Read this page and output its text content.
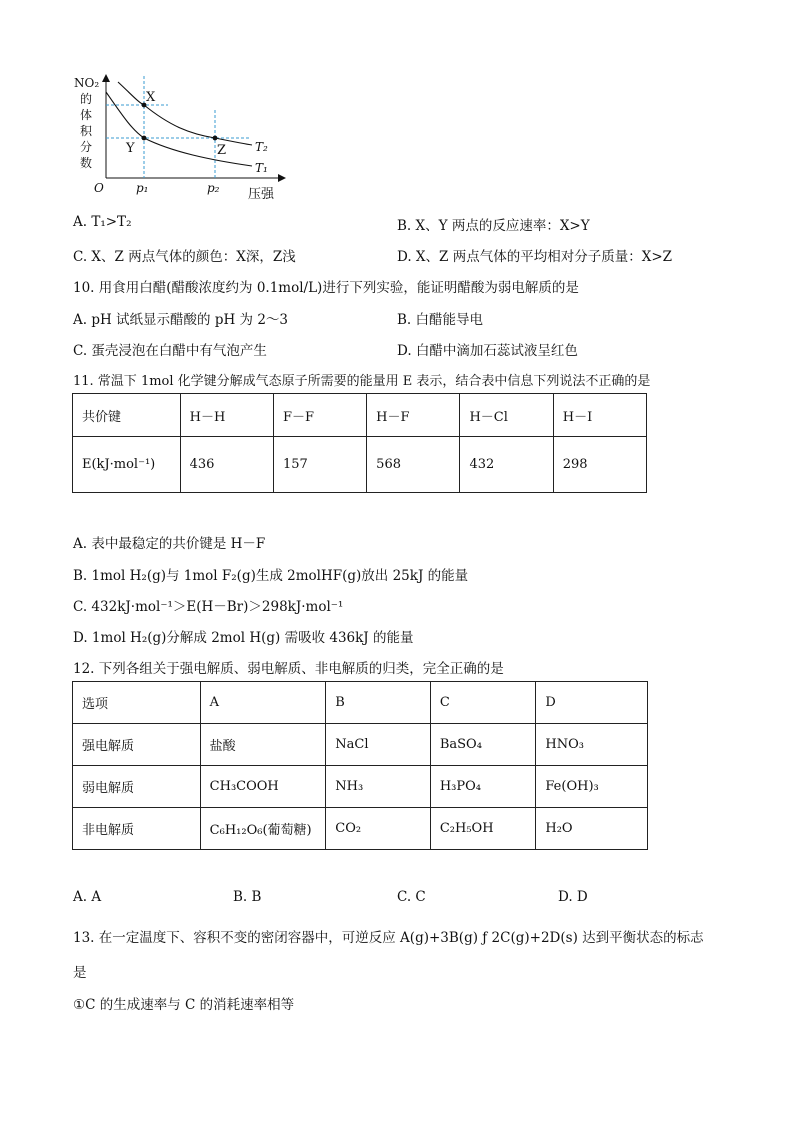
X
Y	Z T₂
T₁
NO₂
的
体
积
分
数
O	p₁	p₂ 压强
A. T₁>T₂	B. X、Y 两点的反应速率：X>Y
C. X、Z 两点气体的颜色：X深，Z浅	D. X、Z 两点气体的平均相对分子质量：X>Z
10. 用食用白醋(醋酸浓度约为 0.1mol/L)进行下列实验，能证明醋酸为弱电解质的是
A. pH 试纸显示醋酸的 pH 为 2～3	B. 白醋能导电
C. 蛋壳浸泡在白醋中有气泡产生	D. 白醋中滴加石蕊试液呈红色
11. 常温下 1mol 化学键分解成气态原子所需要的能量用 E 表示，结合表中信息下列说法不正确的是
共价键	H－H	F－F	H－F	H－Cl	H－I
E(kJ·mol⁻¹)	436	157	568	432	298
A. 表中最稳定的共价键是 H－F
B. 1mol H₂(g)与 1mol F₂(g)生成 2molHF(g)放出 25kJ 的能量
C. 432kJ·mol⁻¹＞E(H－Br)＞298kJ·mol⁻¹
D. 1mol H₂(g)分解成 2mol H(g) 需吸收 436kJ 的能量
12. 下列各组关于强电解质、弱电解质、非电解质的归类，完全正确的是
选项	A	B	C	D
强电解质	盐酸	NaCl	BaSO₄	HNO₃
弱电解质	CH₃COOH	NH₃	H₃PO₄	Fe(OH)₃
非电解质	C₆H₁₂O₆(葡萄糖)	CO₂	C₂H₅OH	H₂O
A. A	B. B	C. C	D. D
13. 在一定温度下、容积不变的密闭容器中，可逆反应 A(g)+3B(g) ƒ 2C(g)+2D(s) 达到平衡状态的标志
是
①C 的生成速率与 C 的消耗速率相等
